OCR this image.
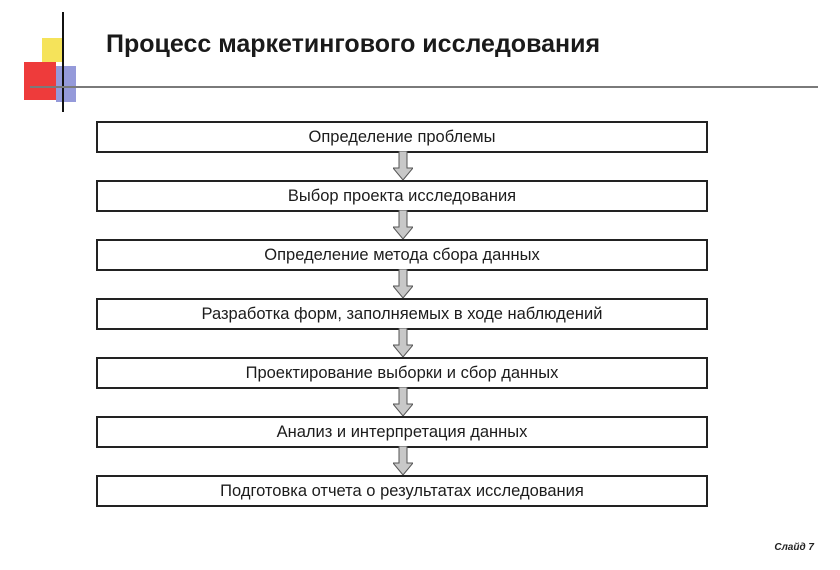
Процесс маркетингового исследования
Определение проблемы
Выбор проекта исследования
Определение метода сбора данных
Разработка форм, заполняемых в ходе наблюдений
Проектирование выборки и сбор данных
Анализ и интерпретация данных
Подготовка отчета о результатах исследования
Слайд 7
